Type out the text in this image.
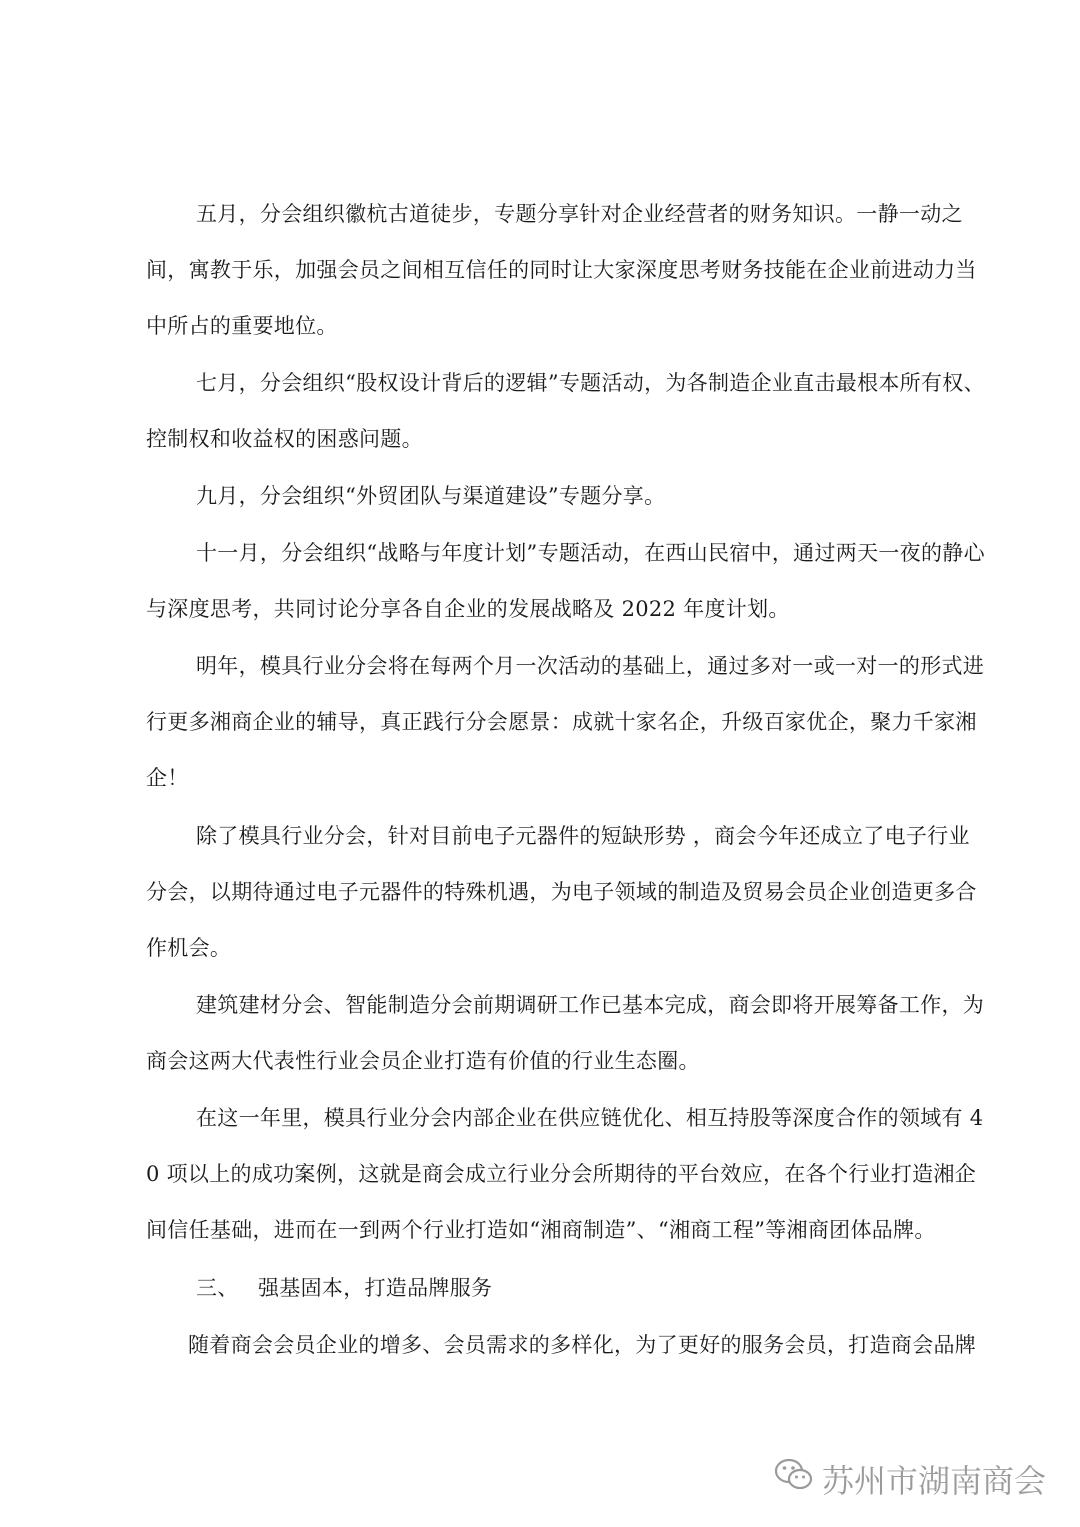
五月，分会组织徽杭古道徒步，专题分享针对企业经营者的财务知识。一静一动之间，寓教于乐，加强会员之间相互信任的同时让大家深度思考财务技能在企业前进动力当中所占的重要地位。

七月，分会组织“股权设计背后的逻辑”专题活动，为各制造企业直击最根本所有权、控制权和收益权的困惑问题。

九月，分会组织“外贸团队与渠道建设”专题分享。

十一月，分会组织“战略与年度计划”专题活动，在西山民宿中，通过两天一夜的静心与深度思考，共同讨论分享各自企业的发展战略及 2022 年度计划。

明年，模具行业分会将在每两个月一次活动的基础上，通过多对一或一对一的形式进行更多湘商企业的辅导，真正践行分会愿景：成就十家名企，升级百家优企，聚力千家湘企！

除了模具行业分会，针对目前电子元器件的短缺形势 ，商会今年还成立了电子行业分会，以期待通过电子元器件的特殊机遇，为电子领域的制造及贸易会员企业创造更多合作机会。

建筑建材分会、智能制造分会前期调研工作已基本完成，商会即将开展筹备工作，为商会这两大代表性行业会员企业打造有价值的行业生态圈。

在这一年里，模具行业分会内部企业在供应链优化、相互持股等深度合作的领域有 40 项以上的成功案例，这就是商会成立行业分会所期待的平台效应，在各个行业打造湘企间信任基础，进而在一到两个行业打造如“湘商制造”、“湘商工程”等湘商团体品牌。

三、 强基固本，打造品牌服务

随着商会会员企业的增多、会员需求的多样化，为了更好的服务会员，打造商会品牌

苏州市湖南商会
